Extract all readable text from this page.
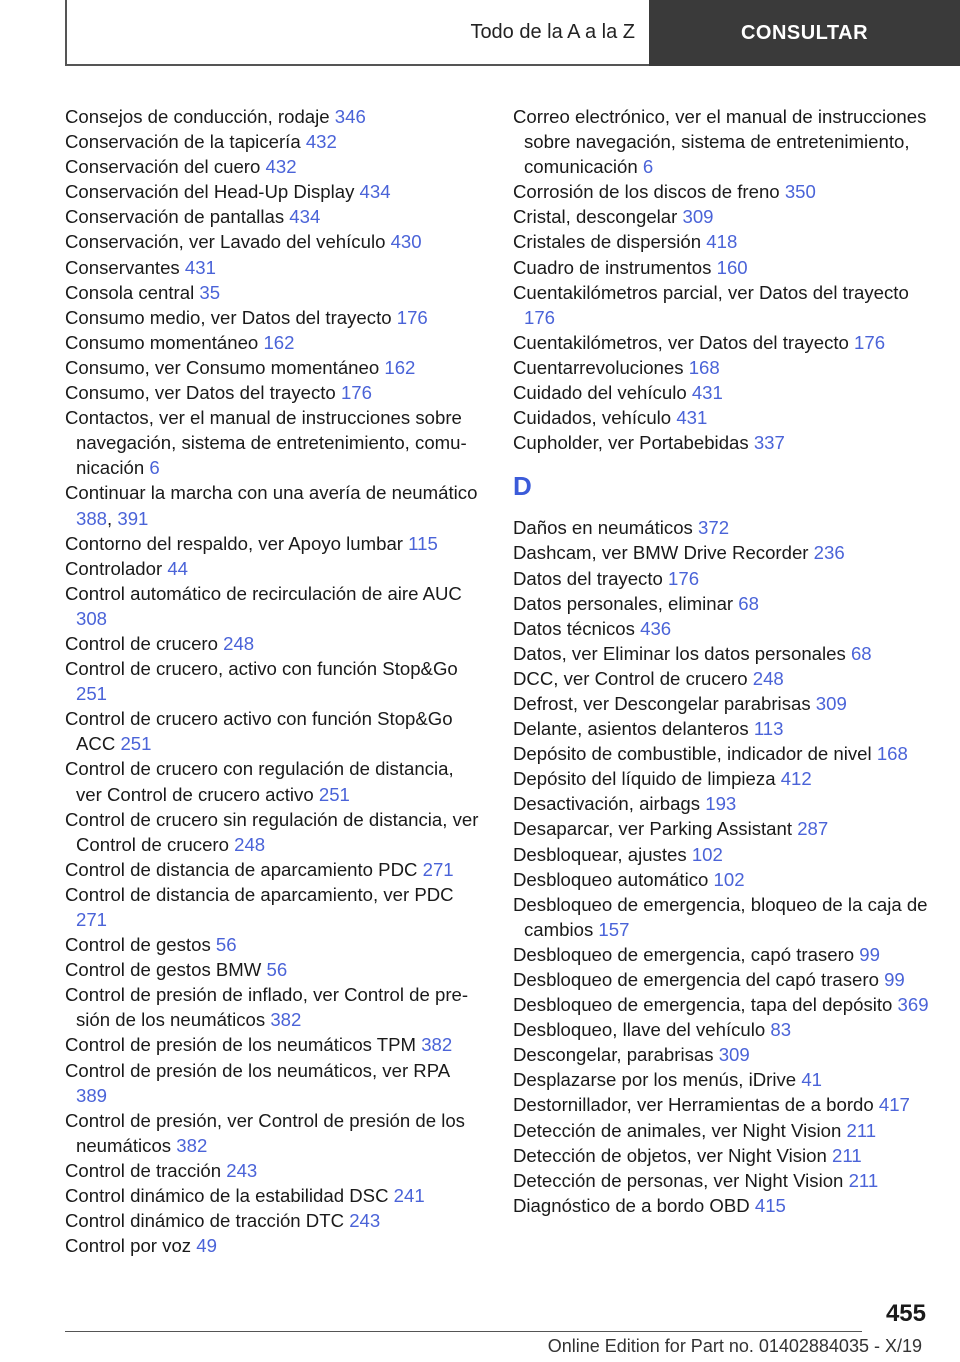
Todo de la A a la Z	CONSULTAR
Consejos de conducción, rodaje 346
Conservación de la tapicería 432
Conservación del cuero 432
Conservación del Head-Up Display 434
Conservación de pantallas 434
Conservación, ver Lavado del vehículo 430
Conservantes 431
Consola central 35
Consumo medio, ver Datos del trayecto 176
Consumo momentáneo 162
Consumo, ver Consumo momentáneo 162
Consumo, ver Datos del trayecto 176
Contactos, ver el manual de instrucciones sobre navegación, sistema de entretenimiento, comunicación 6
Continuar la marcha con una avería de neumático 388, 391
Contorno del respaldo, ver Apoyo lumbar 115
Controlador 44
Control automático de recirculación de aire AUC 308
Control de crucero 248
Control de crucero, activo con función Stop&Go 251
Control de crucero activo con función Stop&Go ACC 251
Control de crucero con regulación de distancia, ver Control de crucero activo 251
Control de crucero sin regulación de distancia, ver Control de crucero 248
Control de distancia de aparcamiento PDC 271
Control de distancia de aparcamiento, ver PDC 271
Control de gestos 56
Control de gestos BMW 56
Control de presión de inflado, ver Control de presión de los neumáticos 382
Control de presión de los neumáticos TPM 382
Control de presión de los neumáticos, ver RPA 389
Control de presión, ver Control de presión de los neumáticos 382
Control de tracción 243
Control dinámico de la estabilidad DSC 241
Control dinámico de tracción DTC 243
Control por voz 49
Correo electrónico, ver el manual de instrucciones sobre navegación, sistema de entretenimiento, comunicación 6
Corrosión de los discos de freno 350
Cristal, descongelar 309
Cristales de dispersión 418
Cuadro de instrumentos 160
Cuentakilómetros parcial, ver Datos del trayecto 176
Cuentakilómetros, ver Datos del trayecto 176
Cuentarrevoluciones 168
Cuidado del vehículo 431
Cuidados, vehículo 431
Cupholder, ver Portabebidas 337
D
Daños en neumáticos 372
Dashcam, ver BMW Drive Recorder 236
Datos del trayecto 176
Datos personales, eliminar 68
Datos técnicos 436
Datos, ver Eliminar los datos personales 68
DCC, ver Control de crucero 248
Defrost, ver Descongelar parabrisas 309
Delante, asientos delanteros 113
Depósito de combustible, indicador de nivel 168
Depósito del líquido de limpieza 412
Desactivación, airbags 193
Desaparcar, ver Parking Assistant 287
Desbloquear, ajustes 102
Desbloqueo automático 102
Desbloqueo de emergencia, bloqueo de la caja de cambios 157
Desbloqueo de emergencia, capó trasero 99
Desbloqueo de emergencia del capó trasero 99
Desbloqueo de emergencia, tapa del depósito 369
Desbloqueo, llave del vehículo 83
Descongelar, parabrisas 309
Desplazarse por los menús, iDrive 41
Destornillador, ver Herramientas de a bordo 417
Detección de animales, ver Night Vision 211
Detección de objetos, ver Night Vision 211
Detección de personas, ver Night Vision 211
Diagnóstico de a bordo OBD 415
455
Online Edition for Part no. 01402884035 - X/19
